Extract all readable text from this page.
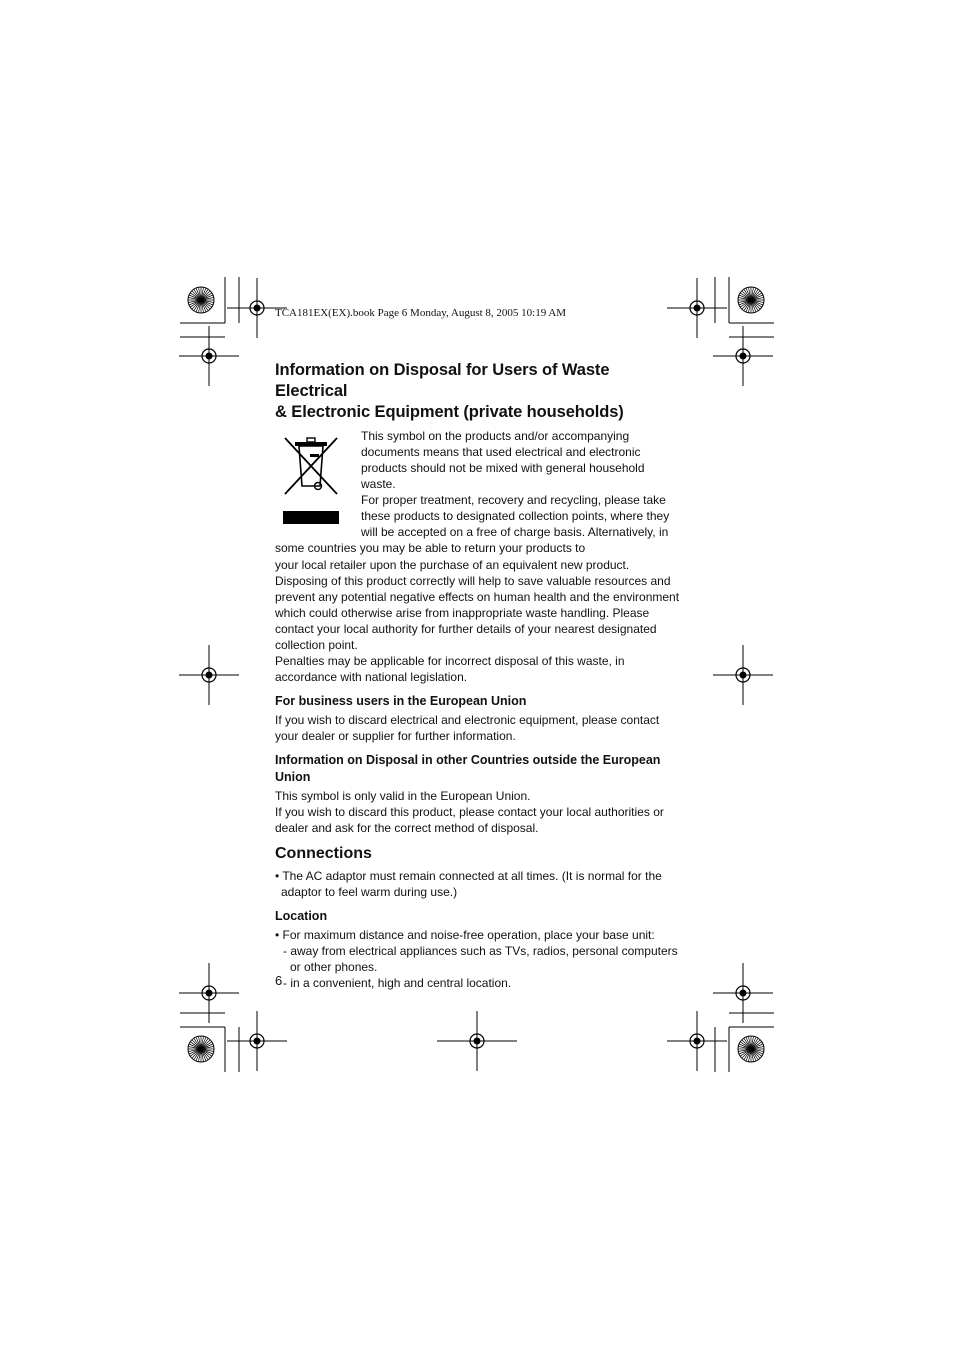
TCA181EX(EX).book Page 6 Monday, August 8, 2005 10:19 AM
Information on Disposal for Users of Waste Electrical
& Electronic Equipment (private households)

This symbol on the products and/or accompanying

documents means that used electrical and electronic

products should not be mixed with general household waste.

For proper treatment, recovery and recycling, please take

these products to designated collection points, where they

will be accepted on a free of charge basis. Alternatively, in

some countries you may be able to return your products to

your local retailer upon the purchase of an equivalent new product.

Disposing of this product correctly will help to save valuable resources and

prevent any potential negative effects on human health and the environment

which could otherwise arise from inappropriate waste handling. Please

contact your local authority for further details of your nearest designated

collection point.

Penalties may be applicable for incorrect disposal of this waste, in

accordance with national legislation.

For business users in the European Union

If you wish to discard electrical and electronic equipment, please contact

your dealer or supplier for further information.

Information on Disposal in other Countries outside the European
Union

This symbol is only valid in the European Union.

If you wish to discard this product, please contact your local authorities or

dealer and ask for the correct method of disposal.

Connections

• The AC adaptor must remain connected at all times. (It is normal for the

adaptor to feel warm during use.)

Location

• For maximum distance and noise-free operation, place your base unit:

- away from electrical appliances such as TVs, radios, personal computers

or other phones.

- in a convenient, high and central location.

6
